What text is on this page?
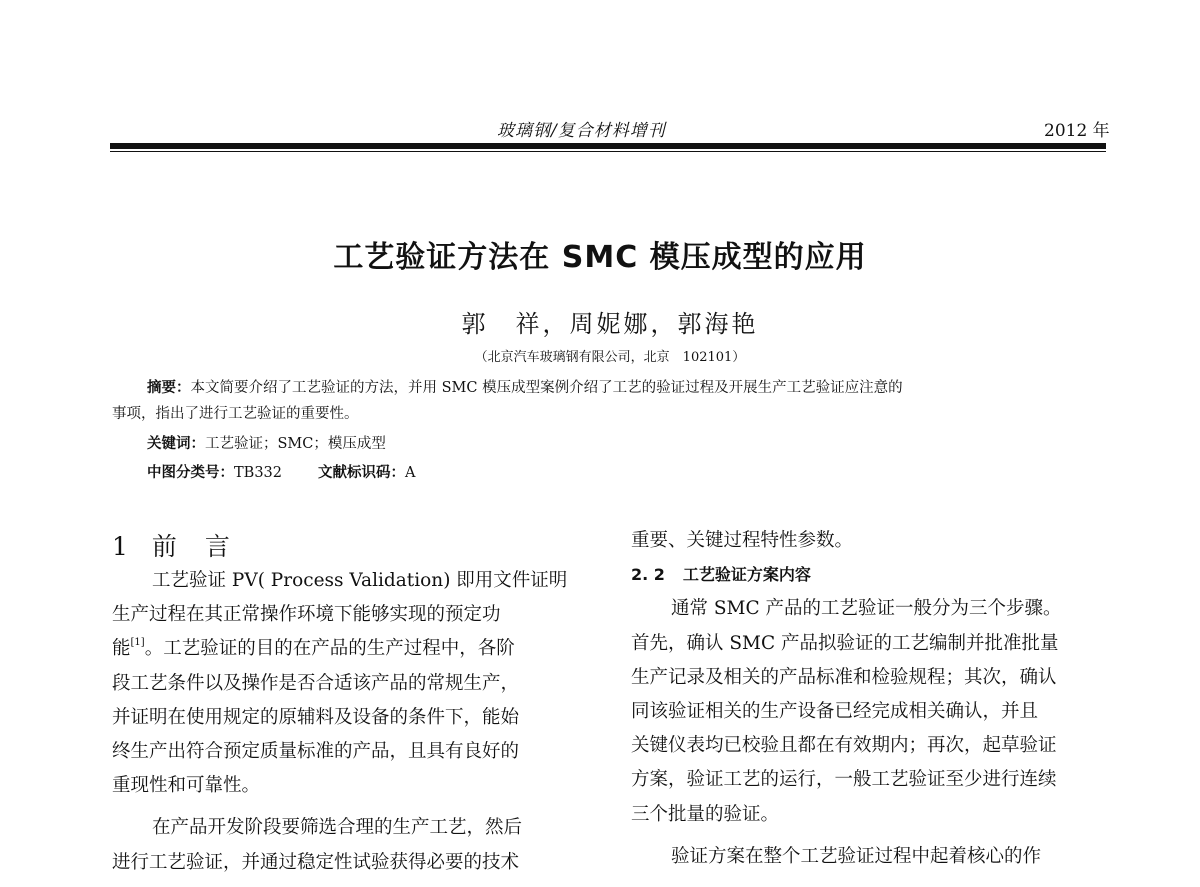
玻璃钢/复合材料增刊	2012 年
工艺验证方法在 SMC 模压成型的应用
郭　祥，周妮娜，郭海艳
（北京汽车玻璃钢有限公司，北京　102101）
摘要：本文简要介绍了工艺验证的方法，并用 SMC 模压成型案例介绍了工艺的验证过程及开展生产工艺验证应注意的
事项，指出了进行工艺验证的重要性。
关键词：工艺验证；SMC；模压成型
中图分类号：TB332 文献标识码：A
1 前 言
工艺验证 PV( Process Validation) 即用文件证明
生产过程在其正常操作环境下能够实现的预定功
能[1]。工艺验证的目的在产品的生产过程中，各阶
段工艺条件以及操作是否合适该产品的常规生产，
并证明在使用规定的原辅料及设备的条件下，能始
终生产出符合预定质量标准的产品，且具有良好的
重现性和可靠性。
在产品开发阶段要筛选合理的生产工艺，然后
进行工艺验证，并通过稳定性试验获得必要的技术
重要、关键过程特性参数。
2. 2 工艺验证方案内容
通常 SMC 产品的工艺验证一般分为三个步骤。
首先，确认 SMC 产品拟验证的工艺编制并批准批量
生产记录及相关的产品标准和检验规程；其次，确认
同该验证相关的生产设备已经完成相关确认，并且
关键仪表均已校验且都在有效期内；再次，起草验证
方案，验证工艺的运行，一般工艺验证至少进行连续
三个批量的验证。
验证方案在整个工艺验证过程中起着核心的作
